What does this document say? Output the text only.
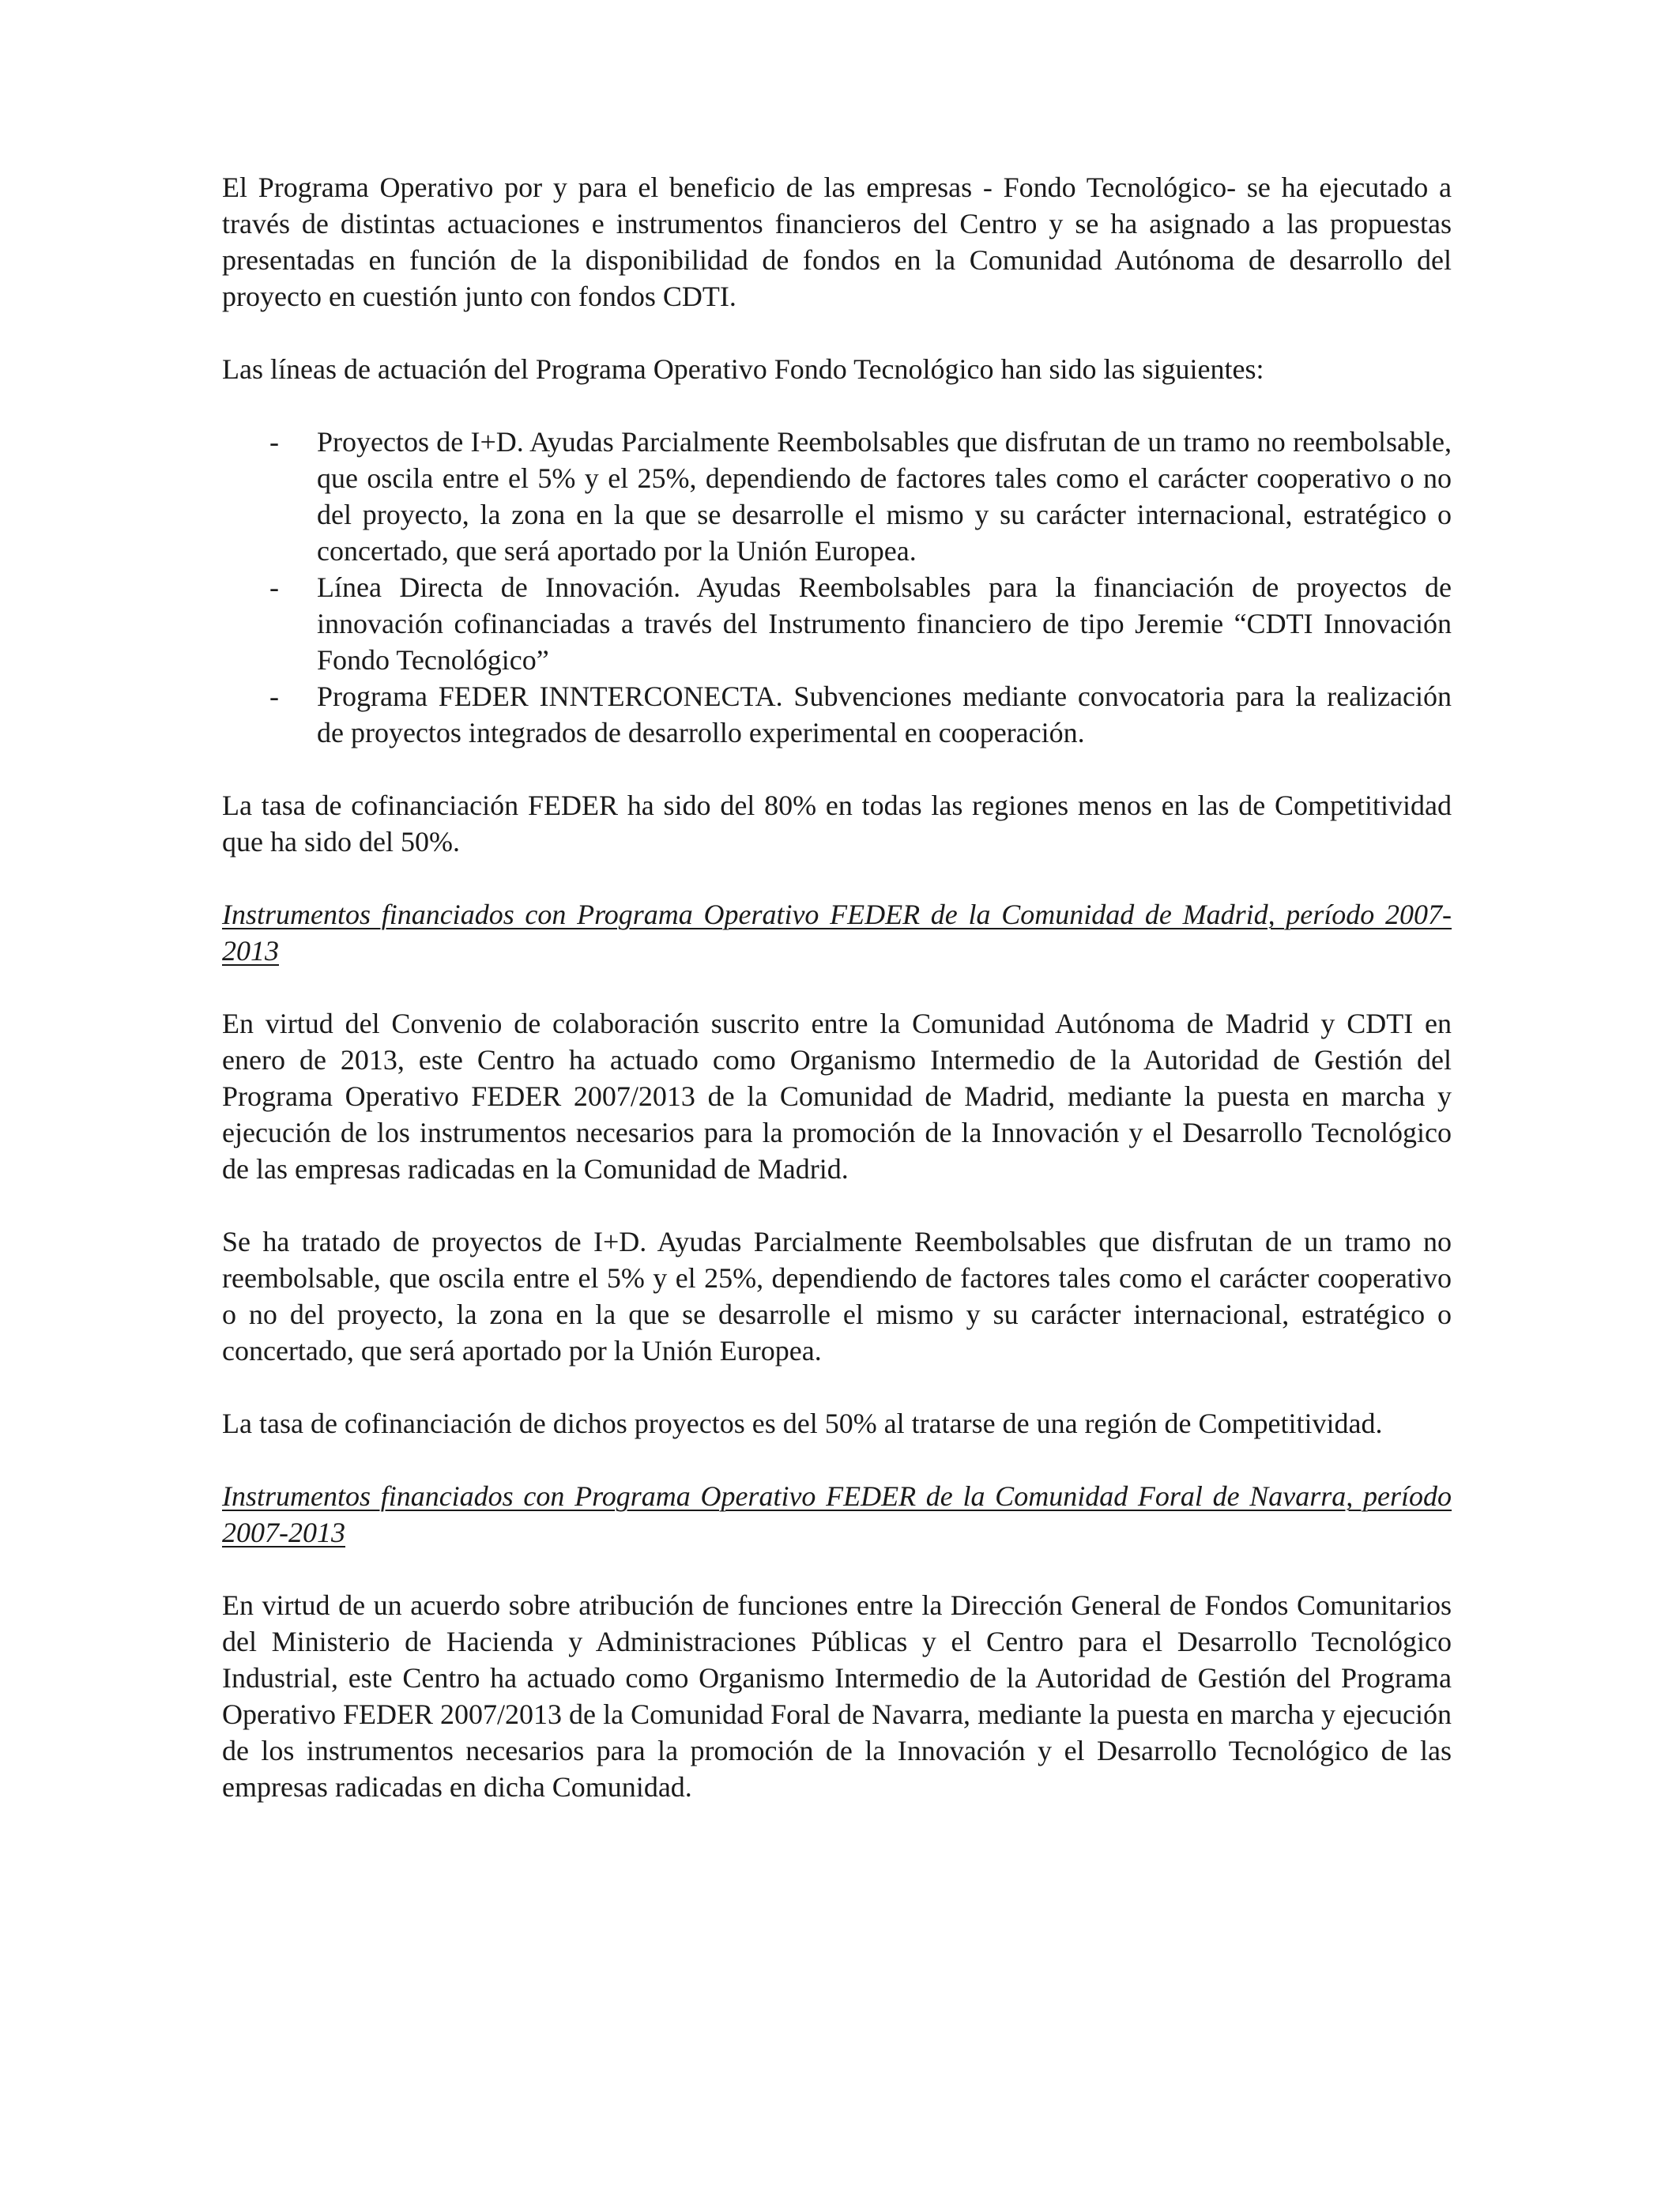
El Programa Operativo por y para el beneficio de las empresas - Fondo Tecnológico- se ha ejecutado a través de distintas actuaciones e instrumentos financieros del Centro y se ha asignado a las propuestas presentadas en función de la disponibilidad de fondos en la Comunidad Autónoma de desarrollo del proyecto en cuestión junto con fondos CDTI.

Las líneas de actuación del Programa Operativo Fondo Tecnológico han sido las siguientes:

- Proyectos de I+D. Ayudas Parcialmente Reembolsables que disfrutan de un tramo no reembolsable, que oscila entre el 5% y el 25%, dependiendo de factores tales como el carácter cooperativo o no del proyecto, la zona en la que se desarrolle el mismo y su carácter internacional, estratégico o concertado, que será aportado por la Unión Europea.
- Línea Directa de Innovación. Ayudas Reembolsables para la financiación de proyectos de innovación cofinanciadas a través del Instrumento financiero de tipo Jeremie “CDTI Innovación Fondo Tecnológico”
- Programa FEDER INNTERCONECTA. Subvenciones mediante convocatoria para la realización de proyectos integrados de desarrollo experimental en cooperación.

La tasa de cofinanciación FEDER ha sido del 80% en todas las regiones menos en las de Competitividad que ha sido del 50%.

Instrumentos financiados con Programa Operativo FEDER de la Comunidad de Madrid, período 2007-2013

En virtud del Convenio de colaboración suscrito entre la Comunidad Autónoma de Madrid y CDTI en enero de 2013, este Centro ha actuado como Organismo Intermedio de la Autoridad de Gestión del Programa Operativo FEDER 2007/2013 de la Comunidad de Madrid, mediante la puesta en marcha y ejecución de los instrumentos necesarios para la promoción de la Innovación y el Desarrollo Tecnológico de las empresas radicadas en la Comunidad de Madrid.

Se ha tratado de proyectos de I+D. Ayudas Parcialmente Reembolsables que disfrutan de un tramo no reembolsable, que oscila entre el 5% y el 25%, dependiendo de factores tales como el carácter cooperativo o no del proyecto, la zona en la que se desarrolle el mismo y su carácter internacional, estratégico o concertado, que será aportado por la Unión Europea.

La tasa de cofinanciación de dichos proyectos es del 50% al tratarse de una región de Competitividad.

Instrumentos financiados con Programa Operativo FEDER de la Comunidad Foral de Navarra, período 2007-2013

En virtud de un acuerdo sobre atribución de funciones entre la Dirección General de Fondos Comunitarios del Ministerio de Hacienda y Administraciones Públicas y el Centro para el Desarrollo Tecnológico Industrial, este Centro ha actuado como Organismo Intermedio de la Autoridad de Gestión del Programa Operativo FEDER 2007/2013 de la Comunidad Foral de Navarra, mediante la puesta en marcha y ejecución de los instrumentos necesarios para la promoción de la Innovación y el Desarrollo Tecnológico de las empresas radicadas en dicha Comunidad.
